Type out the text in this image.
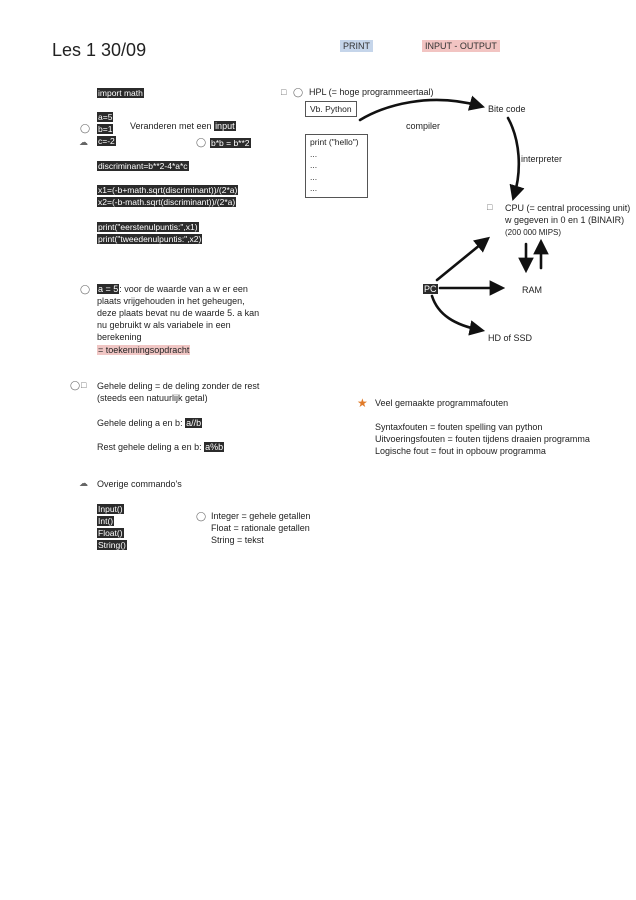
Les 1 30/09	PRINT	INPUT - OUTPUT
import math
◯
☁
a=5
b=1
c=-2
Veranderen met een input
◯ b*b = b**2
discriminant=b**2-4*a*c
x1=(-b+math.sqrt(discriminant))/(2*a)
x2=(-b-math.sqrt(discriminant))/(2*a)
print("eerstenulpuntis:",x1)
print("tweedenulpuntis:",x2)
◯ a = 5: voor de waarde van a w er een
plaats vrijgehouden in het geheugen,
deze plaats bevat nu de waarde 5. a kan
nu gebruikt w als variabele in een
berekening
= toekenningsopdracht
◯ □ Gehele deling = de deling zonder de rest
(steeds een natuurlijk getal)
Gehele deling a en b: a//b
Rest gehele deling a en b: a%b
☁ Overige commando's
Input()
Int()
Float()
String()
◯ Integer = gehele getallen
Float = rationale getallen
String = tekst
□ ◯ HPL (= hoge programmeertaal)
Vb. Python
print ("hello")
...
...
...
...
compiler
Bite code
interpreter
□ CPU (= central processing unit)
w gegeven in 0 en 1 (BINAIR)
(200 000 MIPS)
PC	RAM
HD of SSD
★ Veel gemaakte programmafouten
Syntaxfouten = fouten spelling van python
Uitvoeringsfouten = fouten tijdens draaien programma
Logische fout = fout in opbouw programma
